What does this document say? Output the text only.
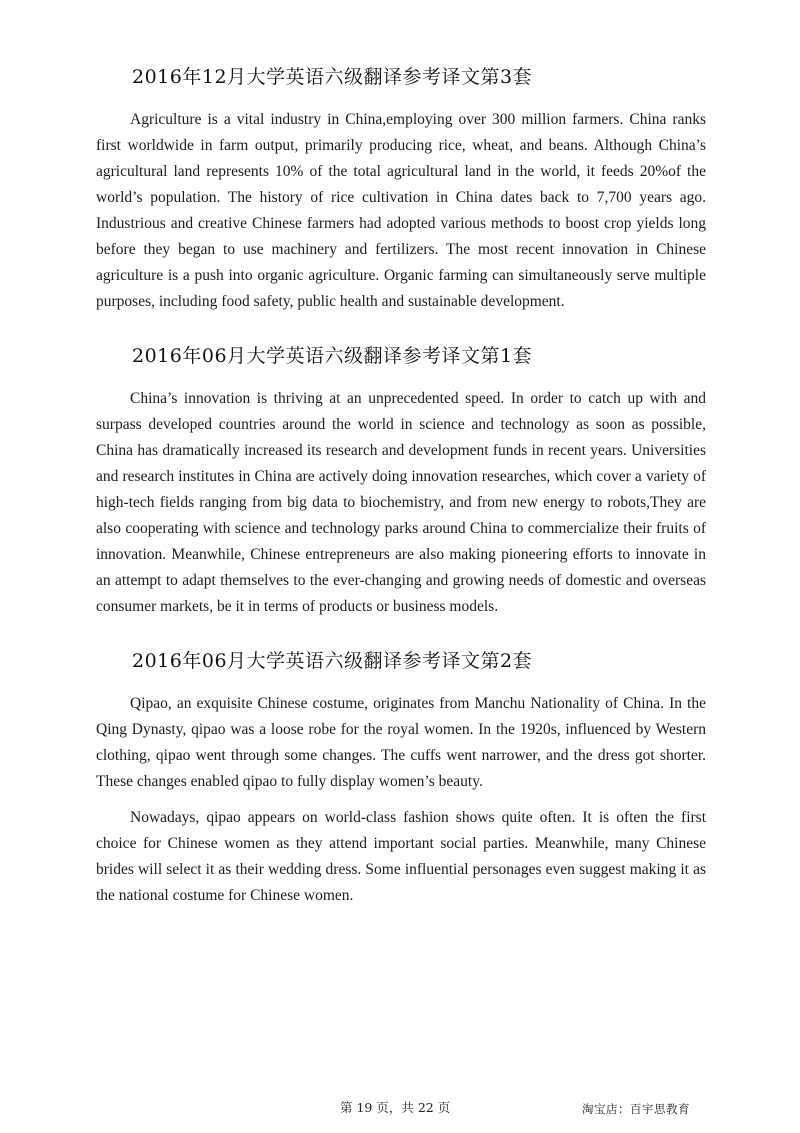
2016年12月大学英语六级翻译参考译文第3套

Agriculture is a vital industry in China,employing over 300 million farmers. China ranks first worldwide in farm output, primarily producing rice, wheat, and beans. Although China’s agricultural land represents 10% of the total agricultural land in the world, it feeds 20%of the world’s population. The history of rice cultivation in China dates back to 7,700 years ago. Industrious and creative Chinese farmers had adopted various methods to boost crop yields long before they began to use machinery and fertilizers. The most recent innovation in Chinese agriculture is a push into organic agriculture. Organic farming can simultaneously serve multiple purposes, including food safety, public health and sustainable development.

2016年06月大学英语六级翻译参考译文第1套

China’s innovation is thriving at an unprecedented speed. In order to catch up with and surpass developed countries around the world in science and technology as soon as possible, China has dramatically increased its research and development funds in recent years. Universities and research institutes in China are actively doing innovation researches, which cover a variety of high-tech fields ranging from big data to biochemistry, and from new energy to robots,They are also cooperating with science and technology parks around China to commercialize their fruits of innovation. Meanwhile, Chinese entrepreneurs are also making pioneering efforts to innovate in an attempt to adapt themselves to the ever-changing and growing needs of domestic and overseas consumer markets, be it in terms of products or business models.

2016年06月大学英语六级翻译参考译文第2套

Qipao, an exquisite Chinese costume, originates from Manchu Nationality of China. In the Qing Dynasty, qipao was a loose robe for the royal women. In the 1920s, influenced by Western clothing, qipao went through some changes. The cuffs went narrower, and the dress got shorter. These changes enabled qipao to fully display women’s beauty.

Nowadays, qipao appears on world-class fashion shows quite often. It is often the first choice for Chinese women as they attend important social parties. Meanwhile, many Chinese brides will select it as their wedding dress. Some influential personages even suggest making it as the national costume for Chinese women.

第 19 页，共 22 页	淘宝店：百宇思教育
